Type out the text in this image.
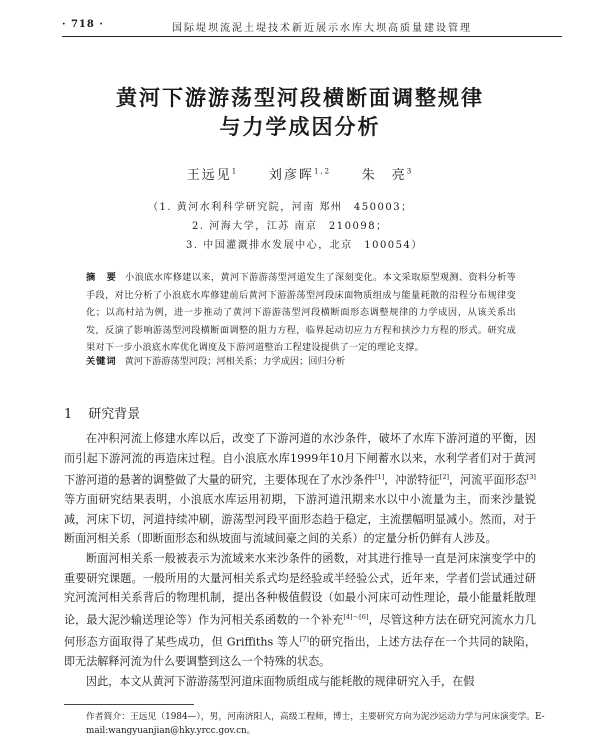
· 718 ·	国际堤坝流泥土堤技术新近展示水库大坝高质量建设管理
黄河下游游荡型河段横断面调整规律
与力学成因分析
王远见$^1$ 刘彦晖$^{1,2}$ 朱　亮$^3$
（1. 黄河水利科学研究院，河南 郑州　450003；
2. 河海大学，江苏 南京　210098；
3. 中国灌溉排水发展中心，北京　100054）
摘　要 小浪底水库修建以来，黄河下游游荡型河道发生了深刻变化。本文采取原型观测、资料分析等手段，对比分析了小浪底水库修建前后黄河下游游荡型河段床面物质组成与能量耗散的沿程分布规律变化；以高村站为例，进一步推动了黄河下游游荡型河段横断面形态调整规律的力学成因，从该关系出发，反演了影响游荡型河段横断面调整的阻力方程，临界起动切应力方程和挟沙力方程的形式。研究成果对下一步小浪底水库优化调度及下游河道整治工程建设提供了一定的理论支撑。
关键词 黄河下游游荡型河段；河相关系；力学成因；回归分析
1 研究背景

在冲积河流上修建水库以后，改变了下游河道的水沙条件，破坏了水库下游河道的平衡，因而引起下游河流的再造床过程。自小浪底水库1999年10月下闸蓄水以来，水利学者们对于黄河下游河道的悬著的调整做了大量的研究，主要体现在了水沙条件[1]，冲淤特征[2]，河流平面形态[3]等方面研究结果表明，小浪底水库运用初期，下游河道汛期来水以中小流量为主，而来沙量锐减，河床下切，河道持续冲刷，游荡型河段平面形态趋于稳定，主流摆幅明显减小。然而，对于断面河相关系（即断面形态和纵坡面与流域间豪之间的关系）的定量分析仍鲜有人涉及。

断面河相关系一般被表示为流域来水来沙条件的函数，对其进行推导一直是河床演变学中的重要研究课题。一般所用的大量河相关系式均是经验或半经验公式，近年来，学者们尝试通过研究河流河相关系背后的物理机制，提出各种极值假设（如最小河床可动性理论，最小能量耗散理论，最大泥沙输送理论等）作为河相关系函数的一个补充[4]～[6]，尽管这种方法在研究河流水力几何形态方面取得了某些成功，但 Griffiths 等人[7]的研究指出，上述方法存在一个共同的缺陷，即无法解释河流为什么要调整到这么一个特殊的状态。

因此，本文从黄河下游游荡型河道床面物质组成与能耗散的规律研究入手，在假

作者简介：王远见（1984—），男，河南济阳人，高级工程师，博士，主要研究方向为泥沙运动力学与河床演变学。E-mail:wangyuanjian@hky.yrcc.gov.cn。
